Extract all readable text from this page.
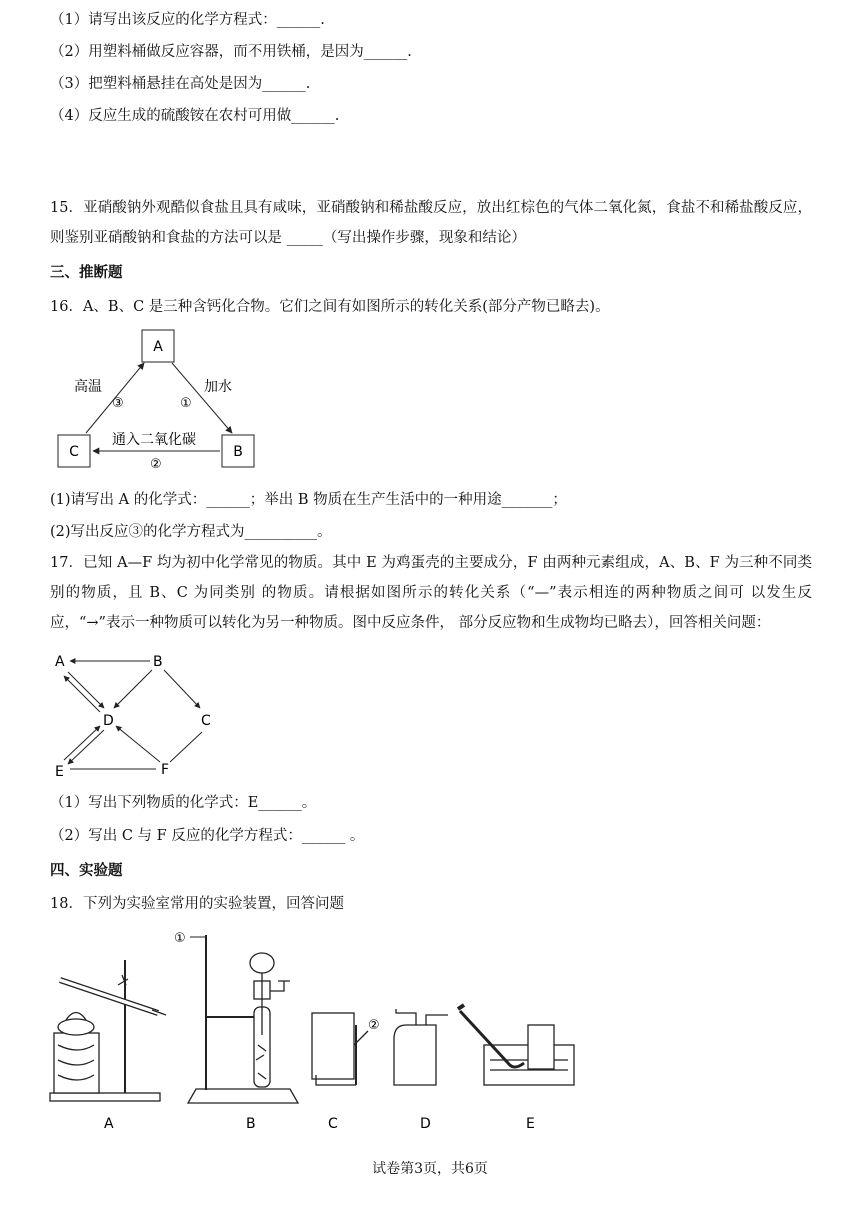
（1）请写出该反应的化学方程式：______.
（2）用塑料桶做反应容器，而不用铁桶，是因为______.
（3）把塑料桶悬挂在高处是因为______.
（4）反应生成的硫酸铵在农村可用做______.
15．亚硝酸钠外观酷似食盐且具有咸味，亚硝酸钠和稀盐酸反应，放出红棕色的气体二氧化氮，食盐不和稀盐酸反应，则鉴别亚硝酸钠和食盐的方法可以是 _____（写出操作步骤，现象和结论）
三、推断题
16．A、B、C 是三种含钙化合物。它们之间有如图所示的转化关系(部分产物已略去)。
A
C	B
高温
③
加水
①
通入二氧化碳
②
(1)请写出 A 的化学式：______；举出 B 物质在生产生活中的一种用途_______；
(2)写出反应③的化学方程式为__________。
17．已知 A—F 均为初中化学常见的物质。其中 E 为鸡蛋壳的主要成分，F 由两种元素组成，A、B、F 为三种不同类别的物质，且 B、C 为同类别 的物质。请根据如图所示的转化关系（“—”表示相连的两种物质之间可 以发生反应，“→”表示一种物质可以转化为另一种物质。图中反应条件， 部分反应物和生成物均已略去），回答相关问题：
A	B
C
D
E	F
（1）写出下列物质的化学式：E______。
（2）写出 C 与 F 反应的化学方程式：______ 。
四、实验题
18．下列为实验室常用的实验装置，回答问题
①
②
A	B	C	D	E
试卷第3页，共6页
